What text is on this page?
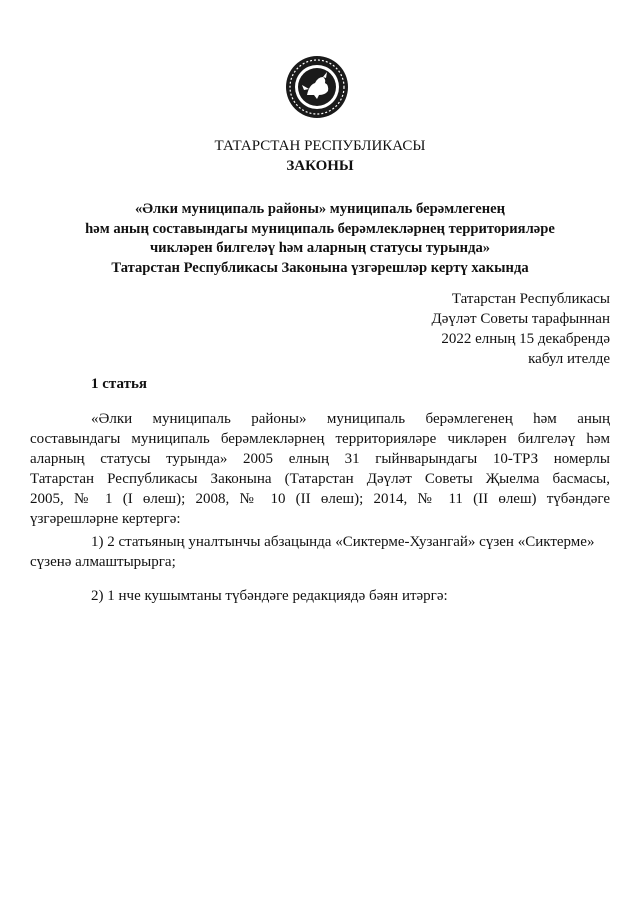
ТАТАРСТАН РЕСПУБЛИКАСЫ
ЗАКОНЫ
«Әлки муниципаль районы» муниципаль берәмлегенең
һәм аның составындагы муниципаль берәмлекләрнең территорияләре
чикләрен билгеләү һәм аларның статусы турында»
Татарстан Республикасы Законына үзгәрешләр кертү хакында
Татарстан Республикасы
Дәүләт Советы тарафыннан
2022 елның 15 декабрендә
кабул ителде
1 статья
«Әлки муниципаль районы» муниципаль берәмлегенең һәм аның
составындагы муниципаль берәмлекләрнең территорияләре чикләрен билгеләү һәм
аларның статусы турында» 2005 елның 31 гыйнварындагы 10-ТРЗ номерлы
Татарстан Республикасы Законына (Татарстан Дәүләт Советы Җыелма басмасы,
2005, № 1 (I өлеш); 2008, № 10 (II өлеш); 2014, № 11 (II өлеш) түбәндәге
үзгәрешләрне кертергә:
1) 2 статьяның уналтынчы абзацында «Сиктерме-Хузангай» сүзен «Сиктерме»
сүзенә алмаштырырга;
2) 1 нче кушымтаны түбәндәге редакциядә бәян итәргә:
